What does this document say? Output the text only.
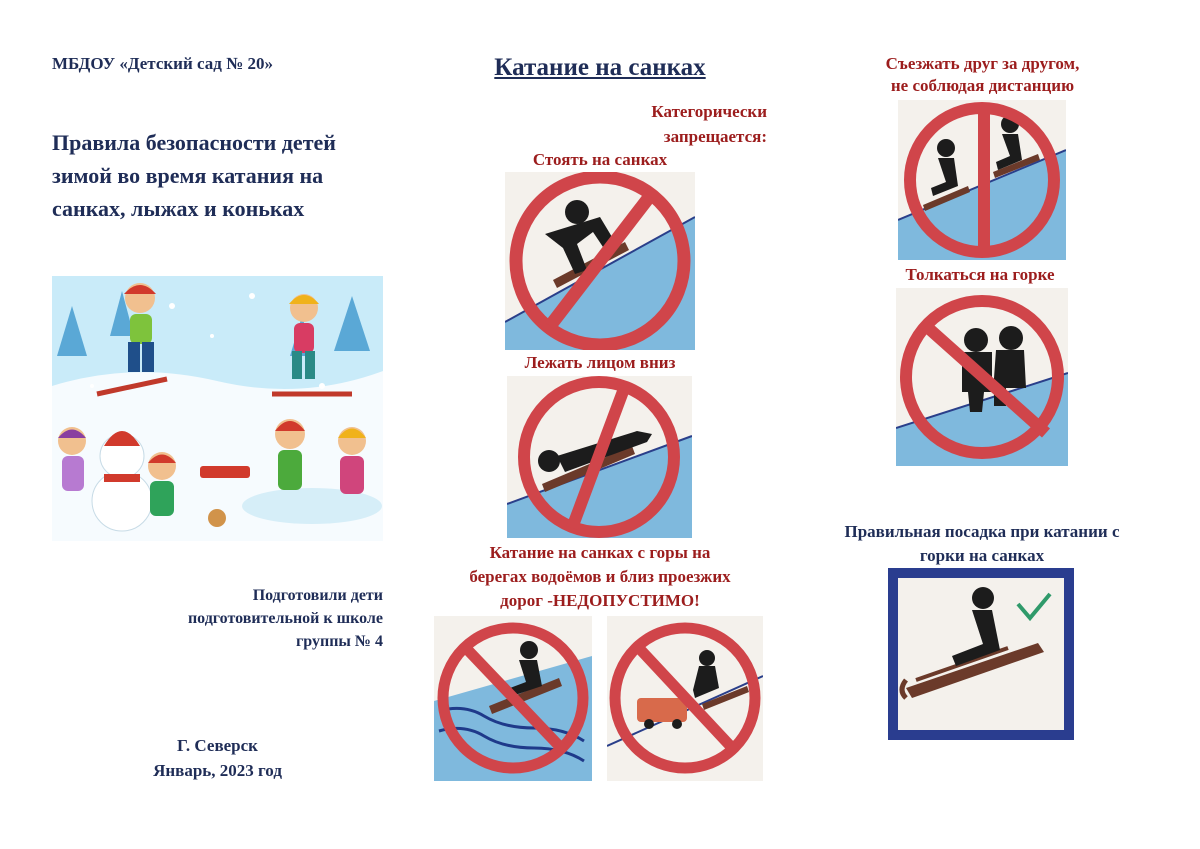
МБДОУ «Детский сад № 20»
Правила безопасности детей
зимой во время катания на
санках, лыжах и коньках
Подготовили дети
подготовительной к школе
группы № 4
Г. Северск
Январь, 2023 год
Катание на санках
Категорически
запрещается:
Стоять на санках
Лежать лицом вниз
Катание на санках с горы на
берегах водоёмов и близ проезжих
дорог -НЕДОПУСТИМО!
Съезжать друг за другом,
не соблюдая дистанцию
Толкаться на горке
Правильная посадка при катании с
горки на санках
